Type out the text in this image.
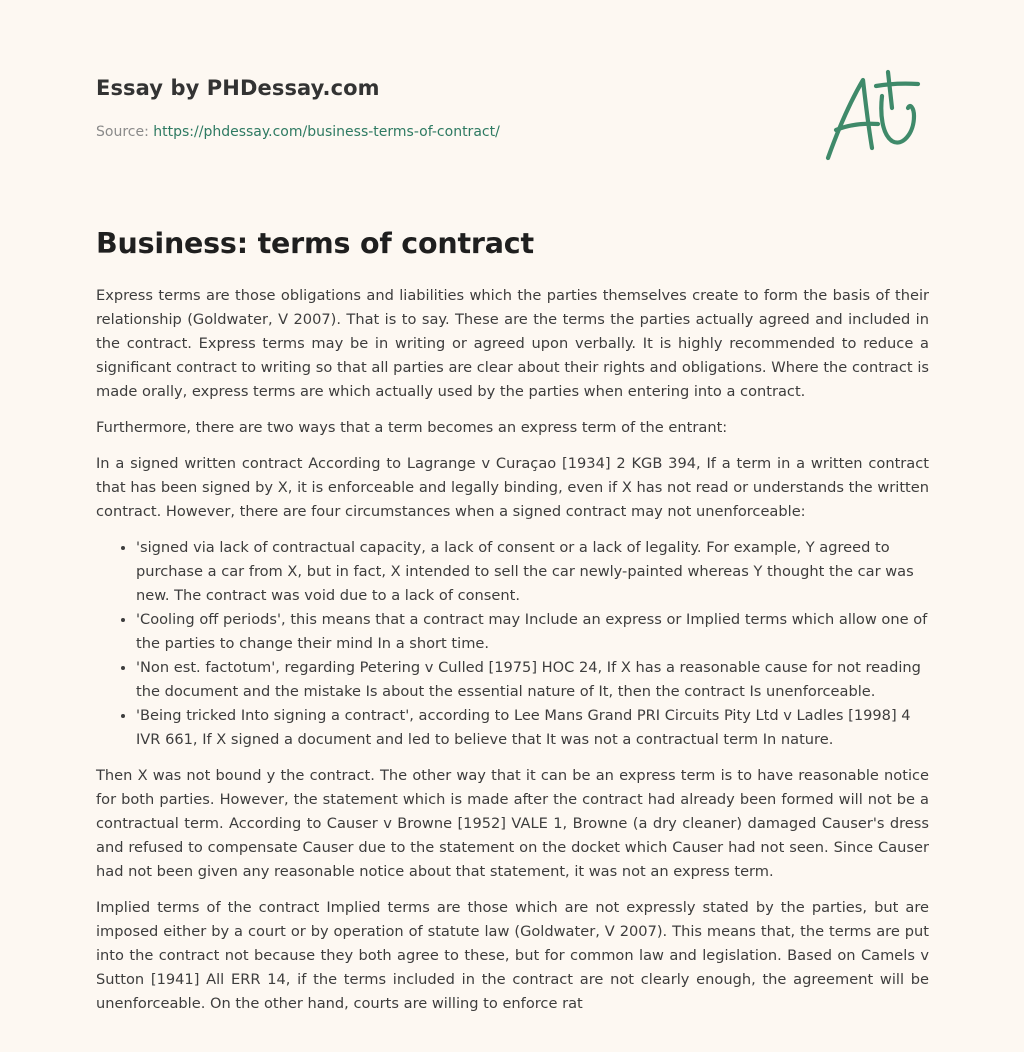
Essay by PHDessay.com

Source: https://phdessay.com/business-terms-of-contract/

Business: terms of contract

Express terms are those obligations and liabilities which the parties themselves create to form the basis of their relationship (Goldwater, V 2007). That is to say. These are the terms the parties actually agreed and included in the contract. Express terms may be in writing or agreed upon verbally. It is highly recommended to reduce a significant contract to writing so that all parties are clear about their rights and obligations. Where the contract is made orally, express terms are which actually used by the parties when entering into a contract.

Furthermore, there are two ways that a term becomes an express term of the entrant:

In a signed written contract According to Lagrange v Curaçao [1934] 2 KGB 394, If a term in a written contract that has been signed by X, it is enforceable and legally binding, even if X has not read or understands the written contract. However, there are four circumstances when a signed contract may not unenforceable:

• 'signed via lack of contractual capacity, a lack of consent or a lack of legality. For example, Y agreed to purchase a car from X, but in fact, X intended to sell the car newly-painted whereas Y thought the car was new. The contract was void due to a lack of consent.
• 'Cooling off periods', this means that a contract may Include an express or Implied terms which allow one of the parties to change their mind In a short time.
• 'Non est. factotum', regarding Petering v Culled [1975] HOC 24, If X has a reasonable cause for not reading the document and the mistake Is about the essential nature of It, then the contract Is unenforceable.
• 'Being tricked Into signing a contract', according to Lee Mans Grand PRI Circuits Pity Ltd v Ladles [1998] 4 IVR 661, If X signed a document and led to believe that It was not a contractual term In nature.

Then X was not bound y the contract. The other way that it can be an express term is to have reasonable notice for both parties. However, the statement which is made after the contract had already been formed will not be a contractual term. According to Causer v Browne [1952] VALE 1, Browne (a dry cleaner) damaged Causer's dress and refused to compensate Causer due to the statement on the docket which Causer had not seen. Since Causer had not been given any reasonable notice about that statement, it was not an express term.

Implied terms of the contract Implied terms are those which are not expressly stated by the parties, but are imposed either by a court or by operation of statute law (Goldwater, V 2007). This means that, the terms are put into the contract not because they both agree to these, but for common law and legislation. Based on Camels v Sutton [1941] All ERR 14, if the terms included in the contract are not clearly enough, the agreement will be unenforceable. On the other hand, courts are willing to enforce rat
